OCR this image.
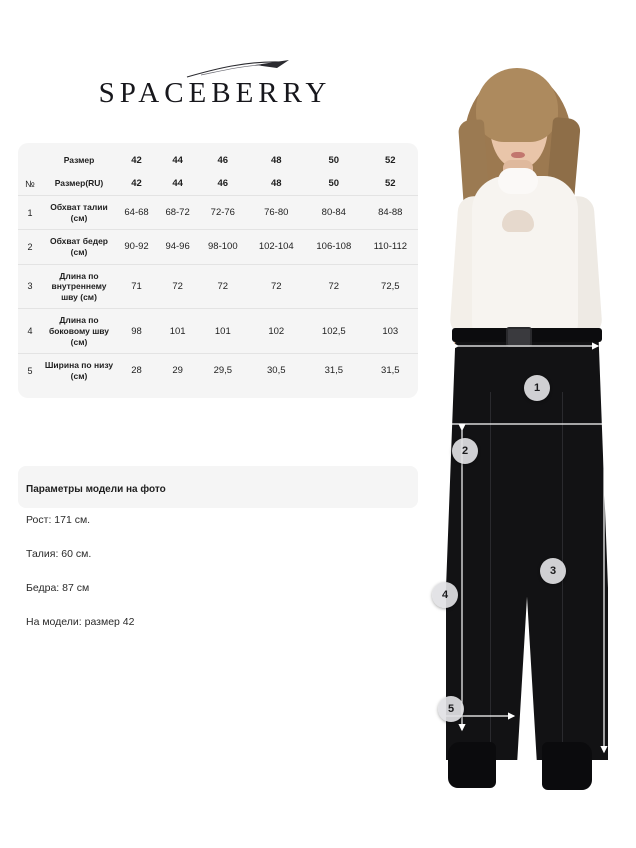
SPACEBERRY
	Размер	42	44	46	48	50	52
№	Размер(RU)	42	44	46	48	50	52
1	Обхват талии (см)	64-68	68-72	72-76	76-80	80-84	84-88
2	Обхват бедер (см)	90-92	94-96	98-100	102-104	106-108	110-112
3	Длина по внутреннему шву (см)	71	72	72	72	72	72,5
4	Длина по боковому шву (см)	98	101	101	102	102,5	103
5	Ширина по низу (см)	28	29	29,5	30,5	31,5	31,5
Параметры модели на фото
Рост: 171 см.
Талия: 60 см.
Бедра: 87 см
На модели: размер 42
1
2
3
4
5
